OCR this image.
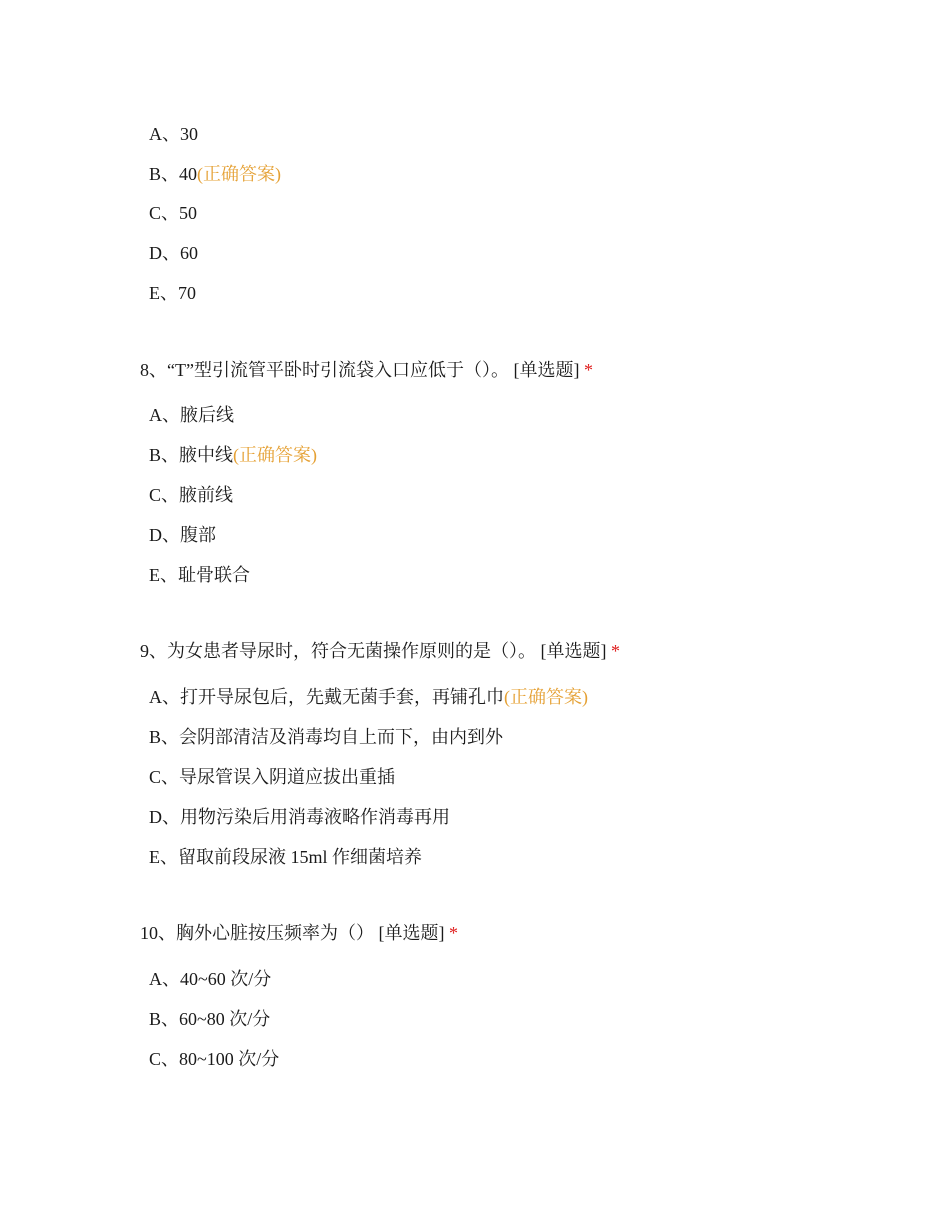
A、30
B、40(正确答案)
C、50
D、60
E、70
8、“T”型引流管平卧时引流袋入口应低于（）。 [单选题] *
A、腋后线
B、腋中线(正确答案)
C、腋前线
D、腹部
E、耻骨联合
9、为女患者导尿时，符合无菌操作原则的是（）。 [单选题] *
A、打开导尿包后，先戴无菌手套，再铺孔巾(正确答案)
B、会阴部清洁及消毒均自上而下，由内到外
C、导尿管误入阴道应拔出重插
D、用物污染后用消毒液略作消毒再用
E、留取前段尿液 15ml 作细菌培养
10、胸外心脏按压频率为（） [单选题] *
A、40~60 次/分
B、60~80 次/分
C、80~100 次/分
